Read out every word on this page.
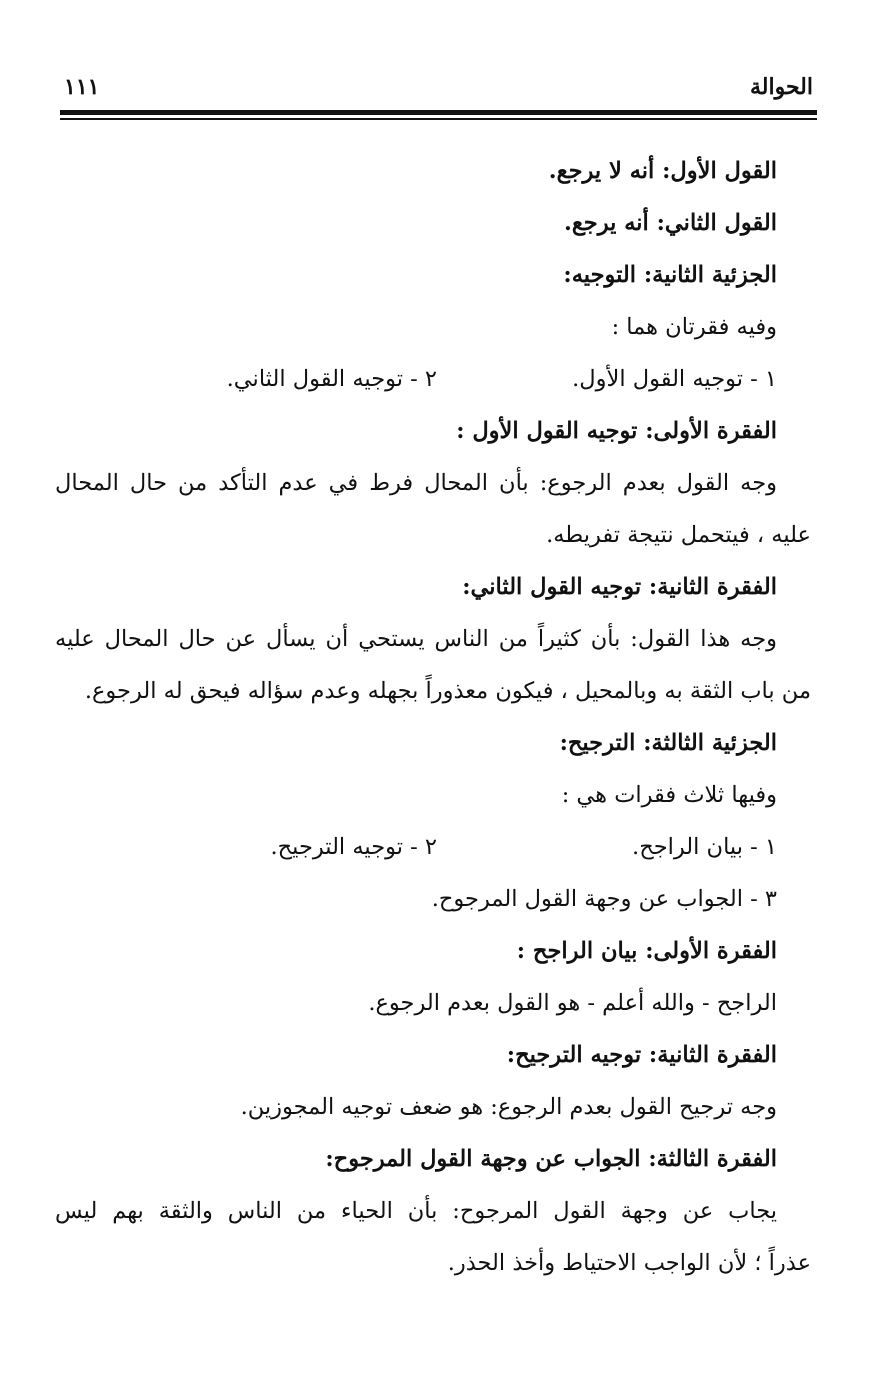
الحوالة
١١١
القول الأول: أنه لا يرجع.
القول الثاني: أنه يرجع.
الجزئية الثانية: التوجيه:
وفيه فقرتان هما :
١ - توجيه القول الأول.
٢ - توجيه القول الثاني.
الفقرة الأولى: توجيه القول الأول :
وجه القول بعدم الرجوع: بأن المحال فرط في عدم التأكد من حال المحال
عليه ، فيتحمل نتيجة تفريطه.
الفقرة الثانية: توجيه القول الثاني:
وجه هذا القول: بأن كثيراً من الناس يستحي أن يسأل عن حال المحال عليه
من باب الثقة به وبالمحيل ، فيكون معذوراً بجهله وعدم سؤاله فيحق له الرجوع.
الجزئية الثالثة: الترجيح:
وفيها ثلاث فقرات هي :
١ - بيان الراجح.
٢ - توجيه الترجيح.
٣ - الجواب عن وجهة القول المرجوح.
الفقرة الأولى: بيان الراجح :
الراجح - والله أعلم - هو القول بعدم الرجوع.
الفقرة الثانية: توجيه الترجيح:
وجه ترجيح القول بعدم الرجوع: هو ضعف توجيه المجوزين.
الفقرة الثالثة: الجواب عن وجهة القول المرجوح:
يجاب عن وجهة القول المرجوح: بأن الحياء من الناس والثقة بهم ليس
عذراً ؛ لأن الواجب الاحتياط وأخذ الحذر.
